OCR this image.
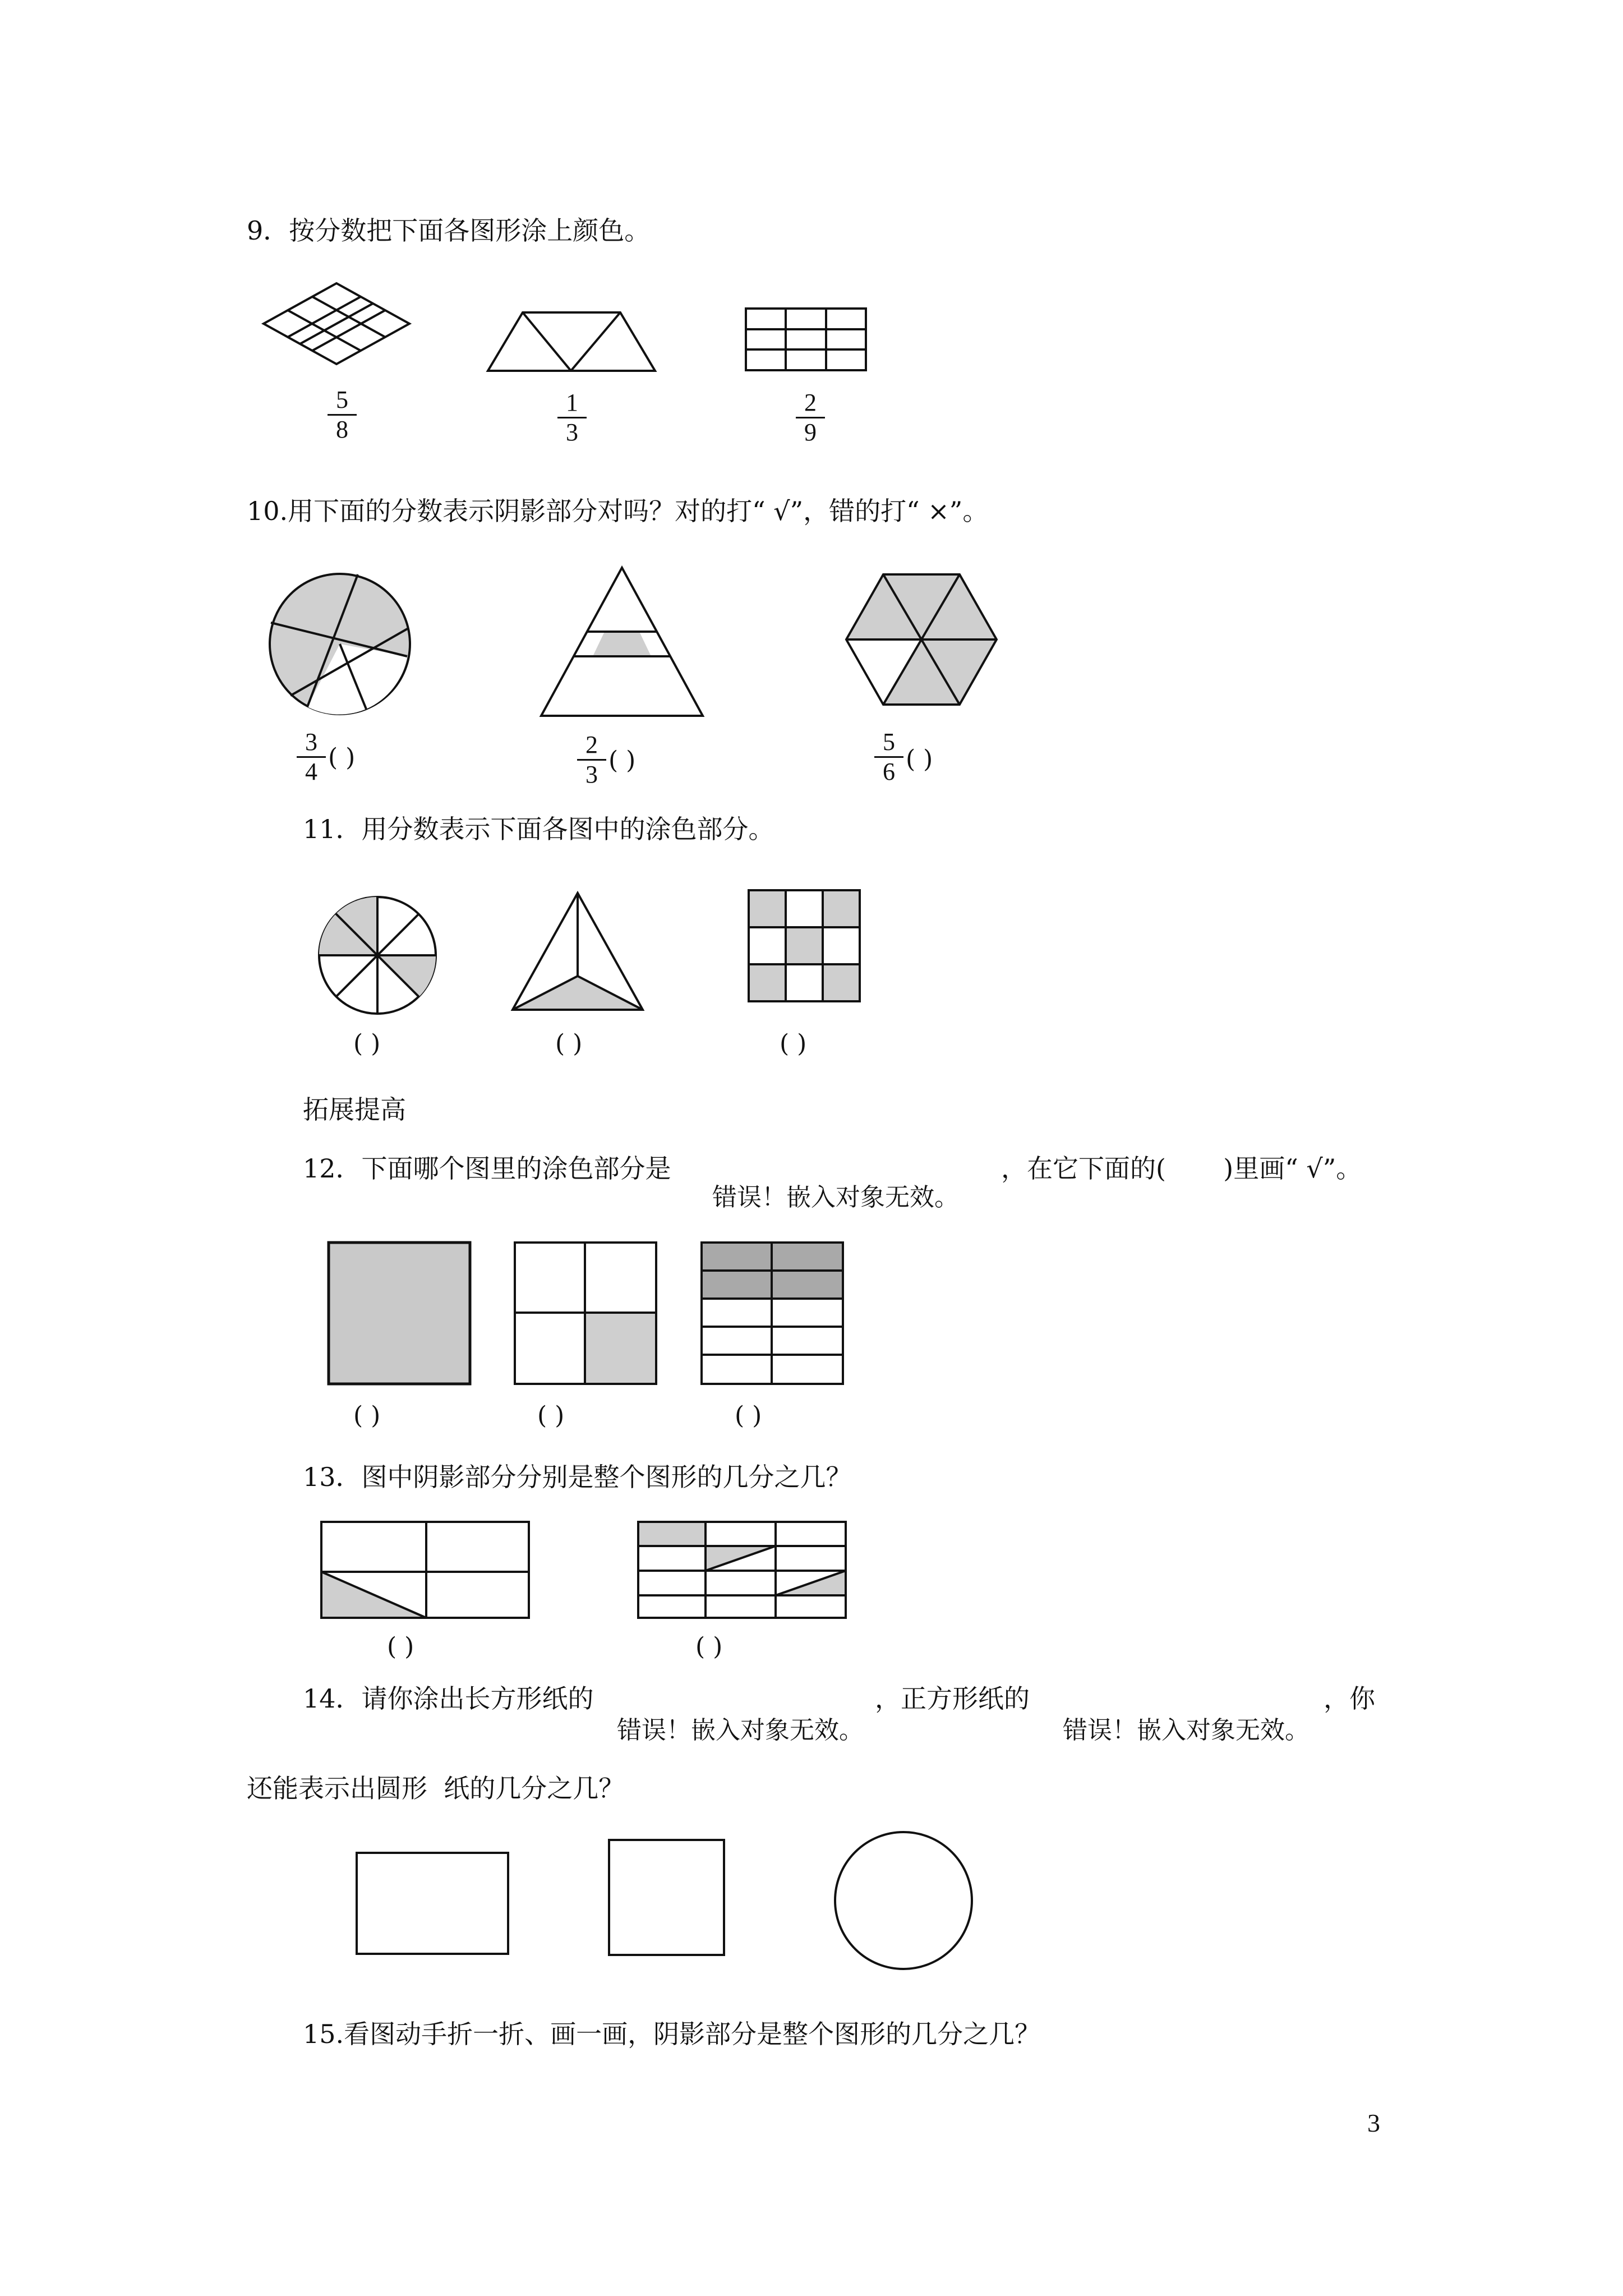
9．按分数把下面各图形涂上颜色。
5
8
1
3
2
9
10.用下面的分数表示阴影部分对吗？对的打“ √”，错的打“ ×”。
3
4 ( )	2
3 ( )
5
6 ( )
11．用分数表示下面各图中的涂色部分。
( )	( )	( )
拓展提高
12．下面哪个图里的涂色部分是	，在它下面的(       )里画“ √”。
错误！嵌入对象无效。
( )	( )	( )
13．图中阴影部分分别是整个图形的几分之几？
( )	( )
14．请你涂出长方形纸的	，正方形纸的	，你
错误！嵌入对象无效。	错误！嵌入对象无效。
还能表示出圆形  纸的几分之几？
15.看图动手折一折、画一画，阴影部分是整个图形的几分之几？
3
